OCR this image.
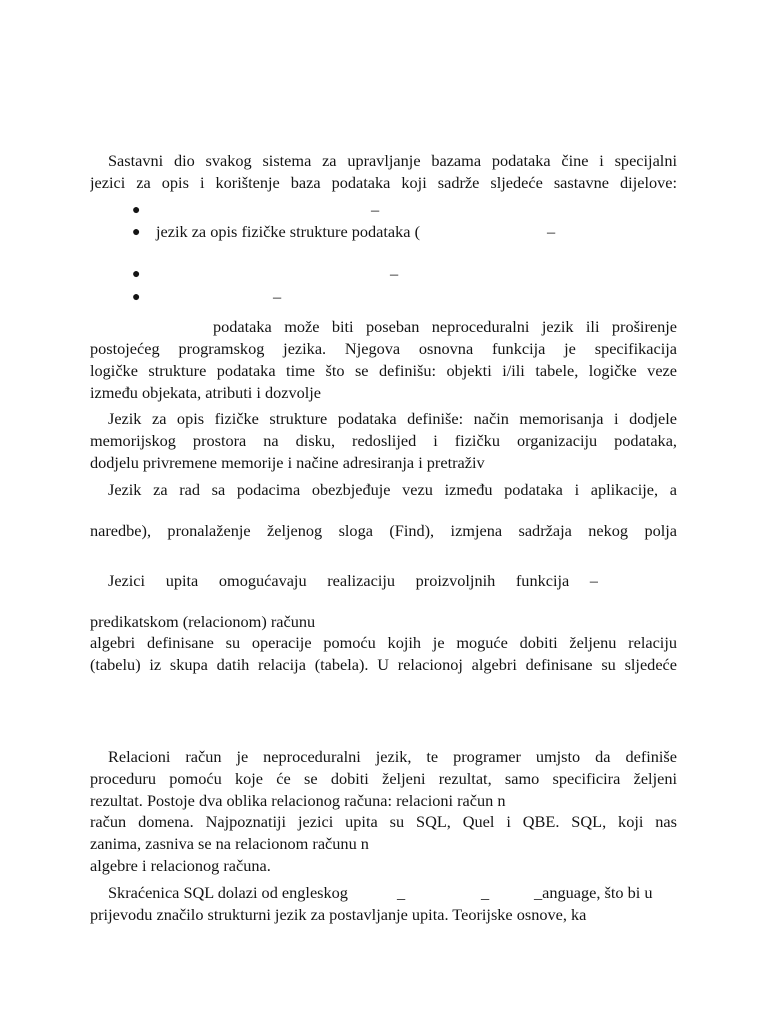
Sastavni dio svakog sistema za upravljanje bazama podataka čine i specijalni
jezici za opis i korištenje baza podataka koji sadrže sljedeće sastavne dijelove:
●	–
● jezik za opis fizičke strukture podataka (	–
●	–
●	–
podataka može biti poseban neproceduralni jezik ili proširenje
postojećeg programskog jezika. Njegova osnovna funkcija je specifikacija
logičke strukture podataka time što se definišu: objekti i/ili tabele, logičke veze
između objekata, atributi i dozvolje
Jezik za opis fizičke strukture podataka definiše: način memorisanja i dodjele
memorijskog prostora na disku, redoslijed i fizičku organizaciju podataka,
dodjelu privremene memorije i načine adresiranja i pretraživ
Jezik za rad sa podacima obezbjeđuje vezu između podataka i aplikacije, a
naredbe), pronalaženje željenog sloga (Find), izmjena sadržaja nekog polja
Jezici upita omogućavaju realizaciju proizvoljnih funkcija –
predikatskom (relacionom) računu
algebri definisane su operacije pomoću kojih je moguće dobiti željenu relaciju
(tabelu) iz skupa datih relacija (tabela). U relacionoj algebri definisane su sljedeće
Relacioni račun je neproceduralni jezik, te programer umjsto da definiše
proceduru pomoću koje će se dobiti željeni rezultat, samo specificira željeni
rezultat. Postoje dva oblika relacionog računa: relacioni račun n
račun domena. Najpoznatiji jezici upita su SQL, Quel i QBE. SQL, koji nas
zanima, zasniva se na relacionom računu n
algebre i relacionog računa.
Skraćenica SQL dolazi od engleskog	_	_	_anguage, što bi u
prijevodu značilo strukturni jezik za postavljanje upita. Teorijske osnove, ka
